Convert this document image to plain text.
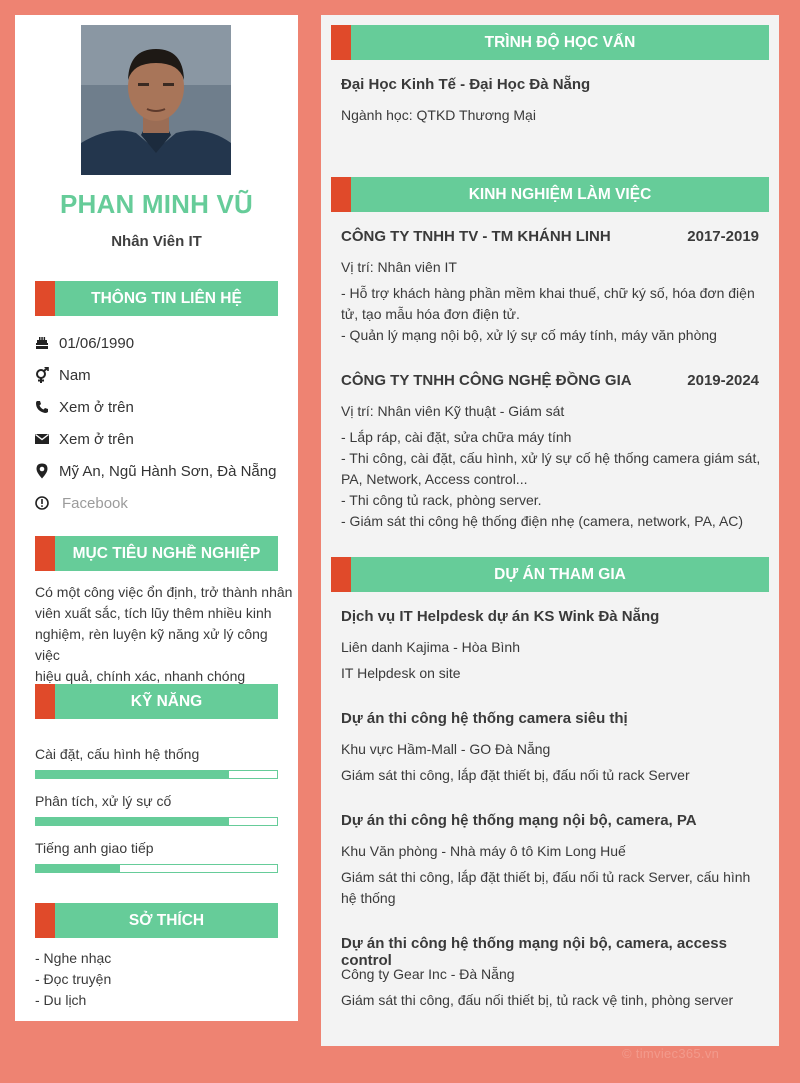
PHAN MINH VŨ
Nhân Viên IT
THÔNG TIN LIÊN HỆ
01/06/1990
Nam
Xem ở trên
Xem ở trên
Mỹ An, Ngũ Hành Sơn, Đà Nẵng
Facebook
MỤC TIÊU NGHỀ NGHIỆP
Có một công việc ổn định, trở thành nhân
viên xuất sắc, tích lũy thêm nhiều kinh
nghiệm, rèn luyện kỹ năng xử lý công việc
hiệu quả, chính xác, nhanh chóng
KỸ NĂNG
Cài đặt, cấu hình hệ thống
Phân tích, xử lý sự cố
Tiếng anh giao tiếp
SỞ THÍCH
- Nghe nhạc
- Đọc truyện
- Du lịch
TRÌNH ĐỘ HỌC VẤN
Đại Học Kinh Tế - Đại Học Đà Nẵng
Ngành học: QTKD Thương Mại
KINH NGHIỆM LÀM VIỆC
CÔNG TY TNHH TV - TM KHÁNH LINH	2017-2019
Vị trí: Nhân viên IT
- Hỗ trợ khách hàng phần mềm khai thuế, chữ ký số, hóa đơn điện
tử, tạo mẫu hóa đơn điện tử.
- Quản lý mạng nội bộ, xử lý sự cố máy tính, máy văn phòng
CÔNG TY TNHH CÔNG NGHỆ ĐỒNG GIA	2019-2024
Vị trí: Nhân viên Kỹ thuật - Giám sát
- Lắp ráp, cài đặt, sửa chữa máy tính
- Thi công, cài đặt, cấu hình, xử lý sự cố hệ thống camera giám sát,
PA, Network, Access control...
- Thi công tủ rack, phòng server.
- Giám sát thi công hệ thống điện nhẹ (camera, network, PA, AC)
DỰ ÁN THAM GIA
Dịch vụ IT Helpdesk dự án KS Wink Đà Nẵng
Liên danh Kajima - Hòa Bình
IT Helpdesk on site
Dự án thi công hệ thống camera siêu thị
Khu vực Hầm-Mall - GO Đà Nẵng
Giám sát thi công, lắp đặt thiết bị, đấu nối tủ rack Server
Dự án thi công hệ thống mạng nội bộ, camera, PA
Khu Văn phòng - Nhà máy ô tô Kim Long Huế
Giám sát thi công, lắp đặt thiết bị, đấu nối tủ rack Server, cấu hình
hệ thống
Dự án thi công hệ thống mạng nội bộ, camera, access control
Công ty Gear Inc - Đà Nẵng
Giám sát thi công, đấu nối thiết bị, tủ rack vệ tinh, phòng server
© timviec365.vn
